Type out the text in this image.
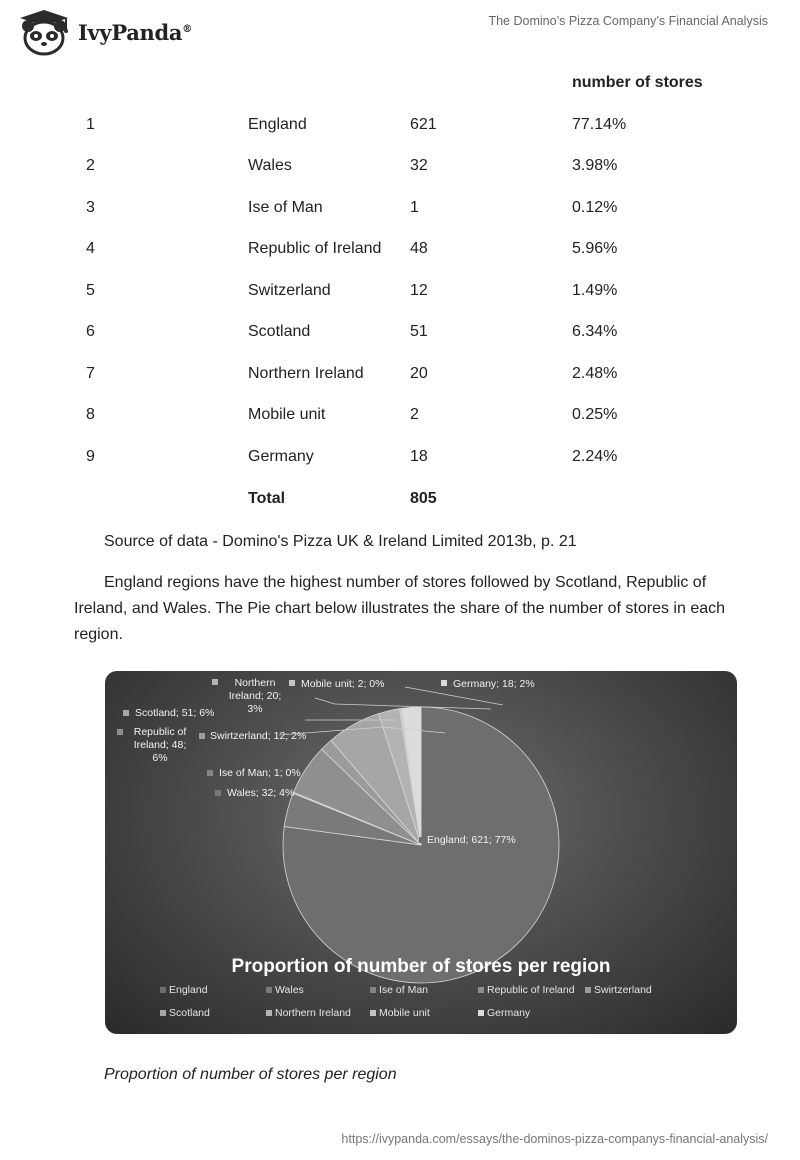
IvyPanda®
The Domino’s Pizza Company’s Financial Analysis
number of stores
1	England	621	77.14%
2	Wales	32	3.98%
3	Ise of Man	1	0.12%
4	Republic of Ireland 48	5.96%
5	Switzerland	12	1.49%
6	Scotland	51	6.34%
7	Northern Ireland	20	2.48%
8	Mobile unit	2	0.25%
9	Germany	18	2.24%
Total	805
Source of data - Domino's Pizza UK & Ireland Limited 2013b, p. 21
England regions have the highest number of stores followed by Scotland, Republic of Ireland, and Wales. The Pie chart below illustrates the share of the number of stores in each region.
England; 621; 77%
Wales; 32; 4%
Ise of Man; 1; 0%
Republic of Ireland; 48; 6%
Swirtzerland; 12; 2%
Scotland; 51; 6%
Northern Ireland; 20; 3%
Mobile unit; 2; 0%	Germany; 18; 2%
Proportion of number of stores per region
England	Wales	Ise of Man	Republic of Ireland Swirtzerland
Scotland	Northern Ireland	Mobile unit	Germany
Proportion of number of stores per region
https://ivypanda.com/essays/the-dominos-pizza-companys-financial-analysis/
